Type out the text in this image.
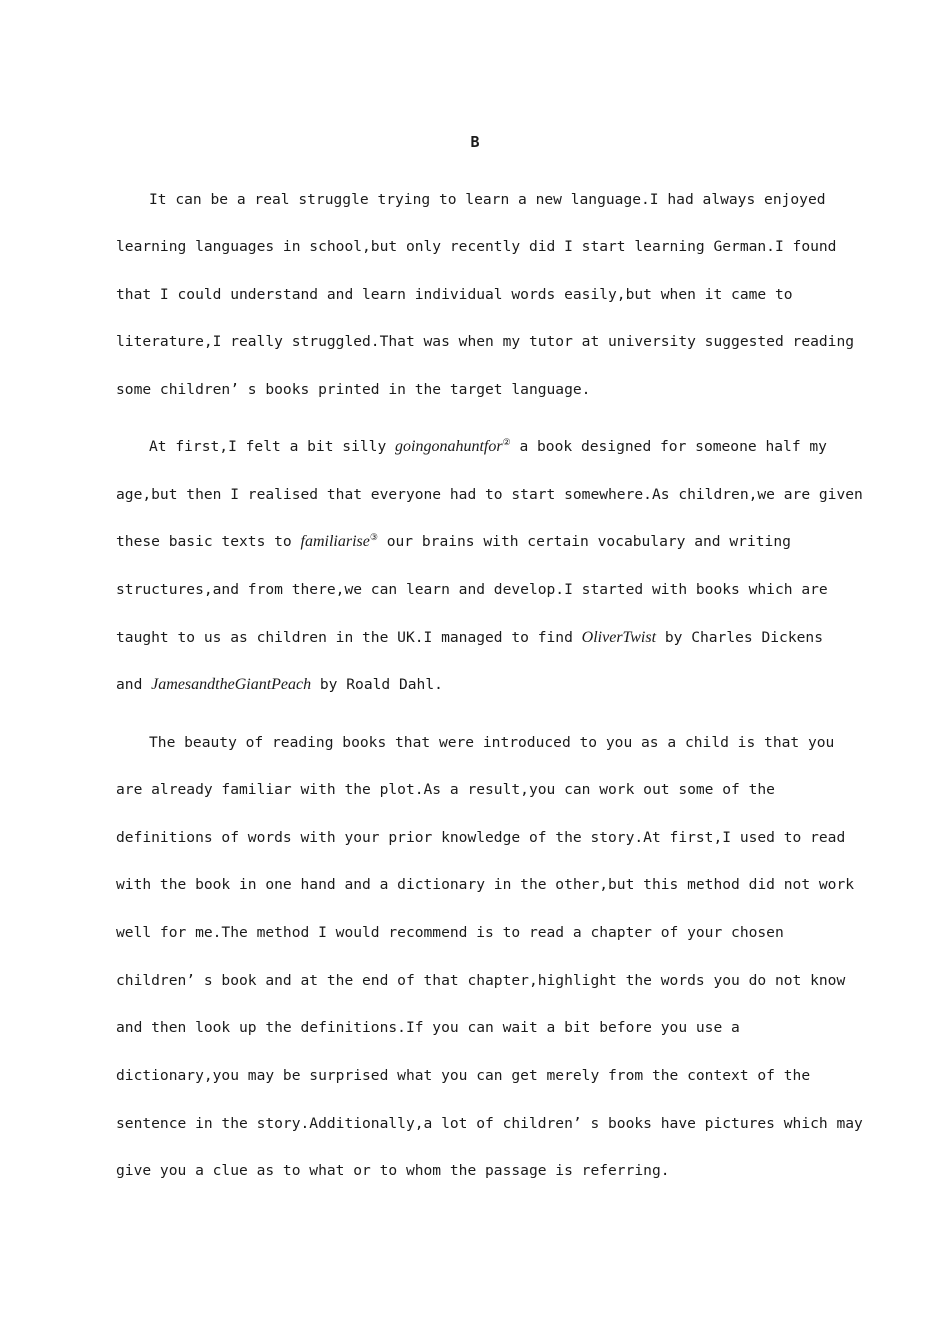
B
It can be a real struggle trying to learn a new language.I had always enjoyed
learning languages in school,but only recently did I start learning German.I found
that I could understand and learn individual words easily,but when it came to
literature,I really struggled.That was when my tutor at university suggested reading
some children’ s books printed in the target language.
At first,I felt a bit silly goingonahuntfor② a book designed for someone half my
age,but then I realised that everyone had to start somewhere.As children,we are given
these basic texts to familiarise③ our brains with certain vocabulary and writing
structures,and from there,we can learn and develop.I started with books which are
taught to us as children in the UK.I managed to find OliverTwist by Charles Dickens
and JamesandtheGiantPeach by Roald Dahl.
The beauty of reading books that were introduced to you as a child is that you
are already familiar with the plot.As a result,you can work out some of the
definitions of words with your prior knowledge of the story.At first,I used to read
with the book in one hand and a dictionary in the other,but this method did not work
well for me.The method I would recommend is to read a chapter of your chosen
children’ s book and at the end of that chapter,highlight the words you do not know
and then look up the definitions.If you can wait a bit before you use a
dictionary,you may be surprised what you can get merely from the context of the
sentence in the story.Additionally,a lot of children’ s books have pictures which may
give you a clue as to what or to whom the passage is referring.
